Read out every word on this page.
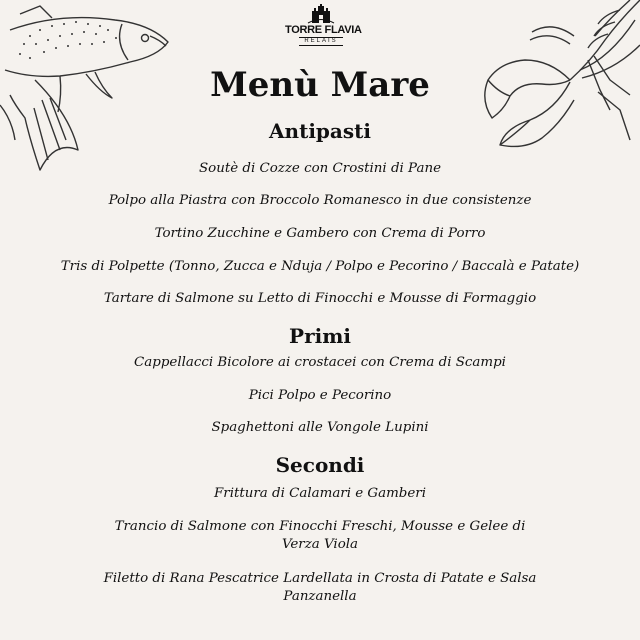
TORRE FLAVIA
RELAIS
Menù Mare
Antipasti
Soutè di Cozze con Crostini di Pane
Polpo alla Piastra con Broccolo Romanesco in due consistenze
Tortino Zucchine e Gambero con Crema di Porro
Tris di Polpette (Tonno, Zucca e Nduja / Polpo e Pecorino / Baccalà e Patate)
Tartare di Salmone su Letto di Finocchi e Mousse di Formaggio
Primi
Cappellacci Bicolore ai crostacei con Crema di Scampi
Pici Polpo e Pecorino
Spaghettoni alle Vongole Lupini
Secondi
Frittura di Calamari e Gamberi
Trancio di Salmone con Finocchi Freschi, Mousse e Gelee di Verza Viola
Filetto di Rana Pescatrice Lardellata in Crosta di Patate e Salsa Panzanella
